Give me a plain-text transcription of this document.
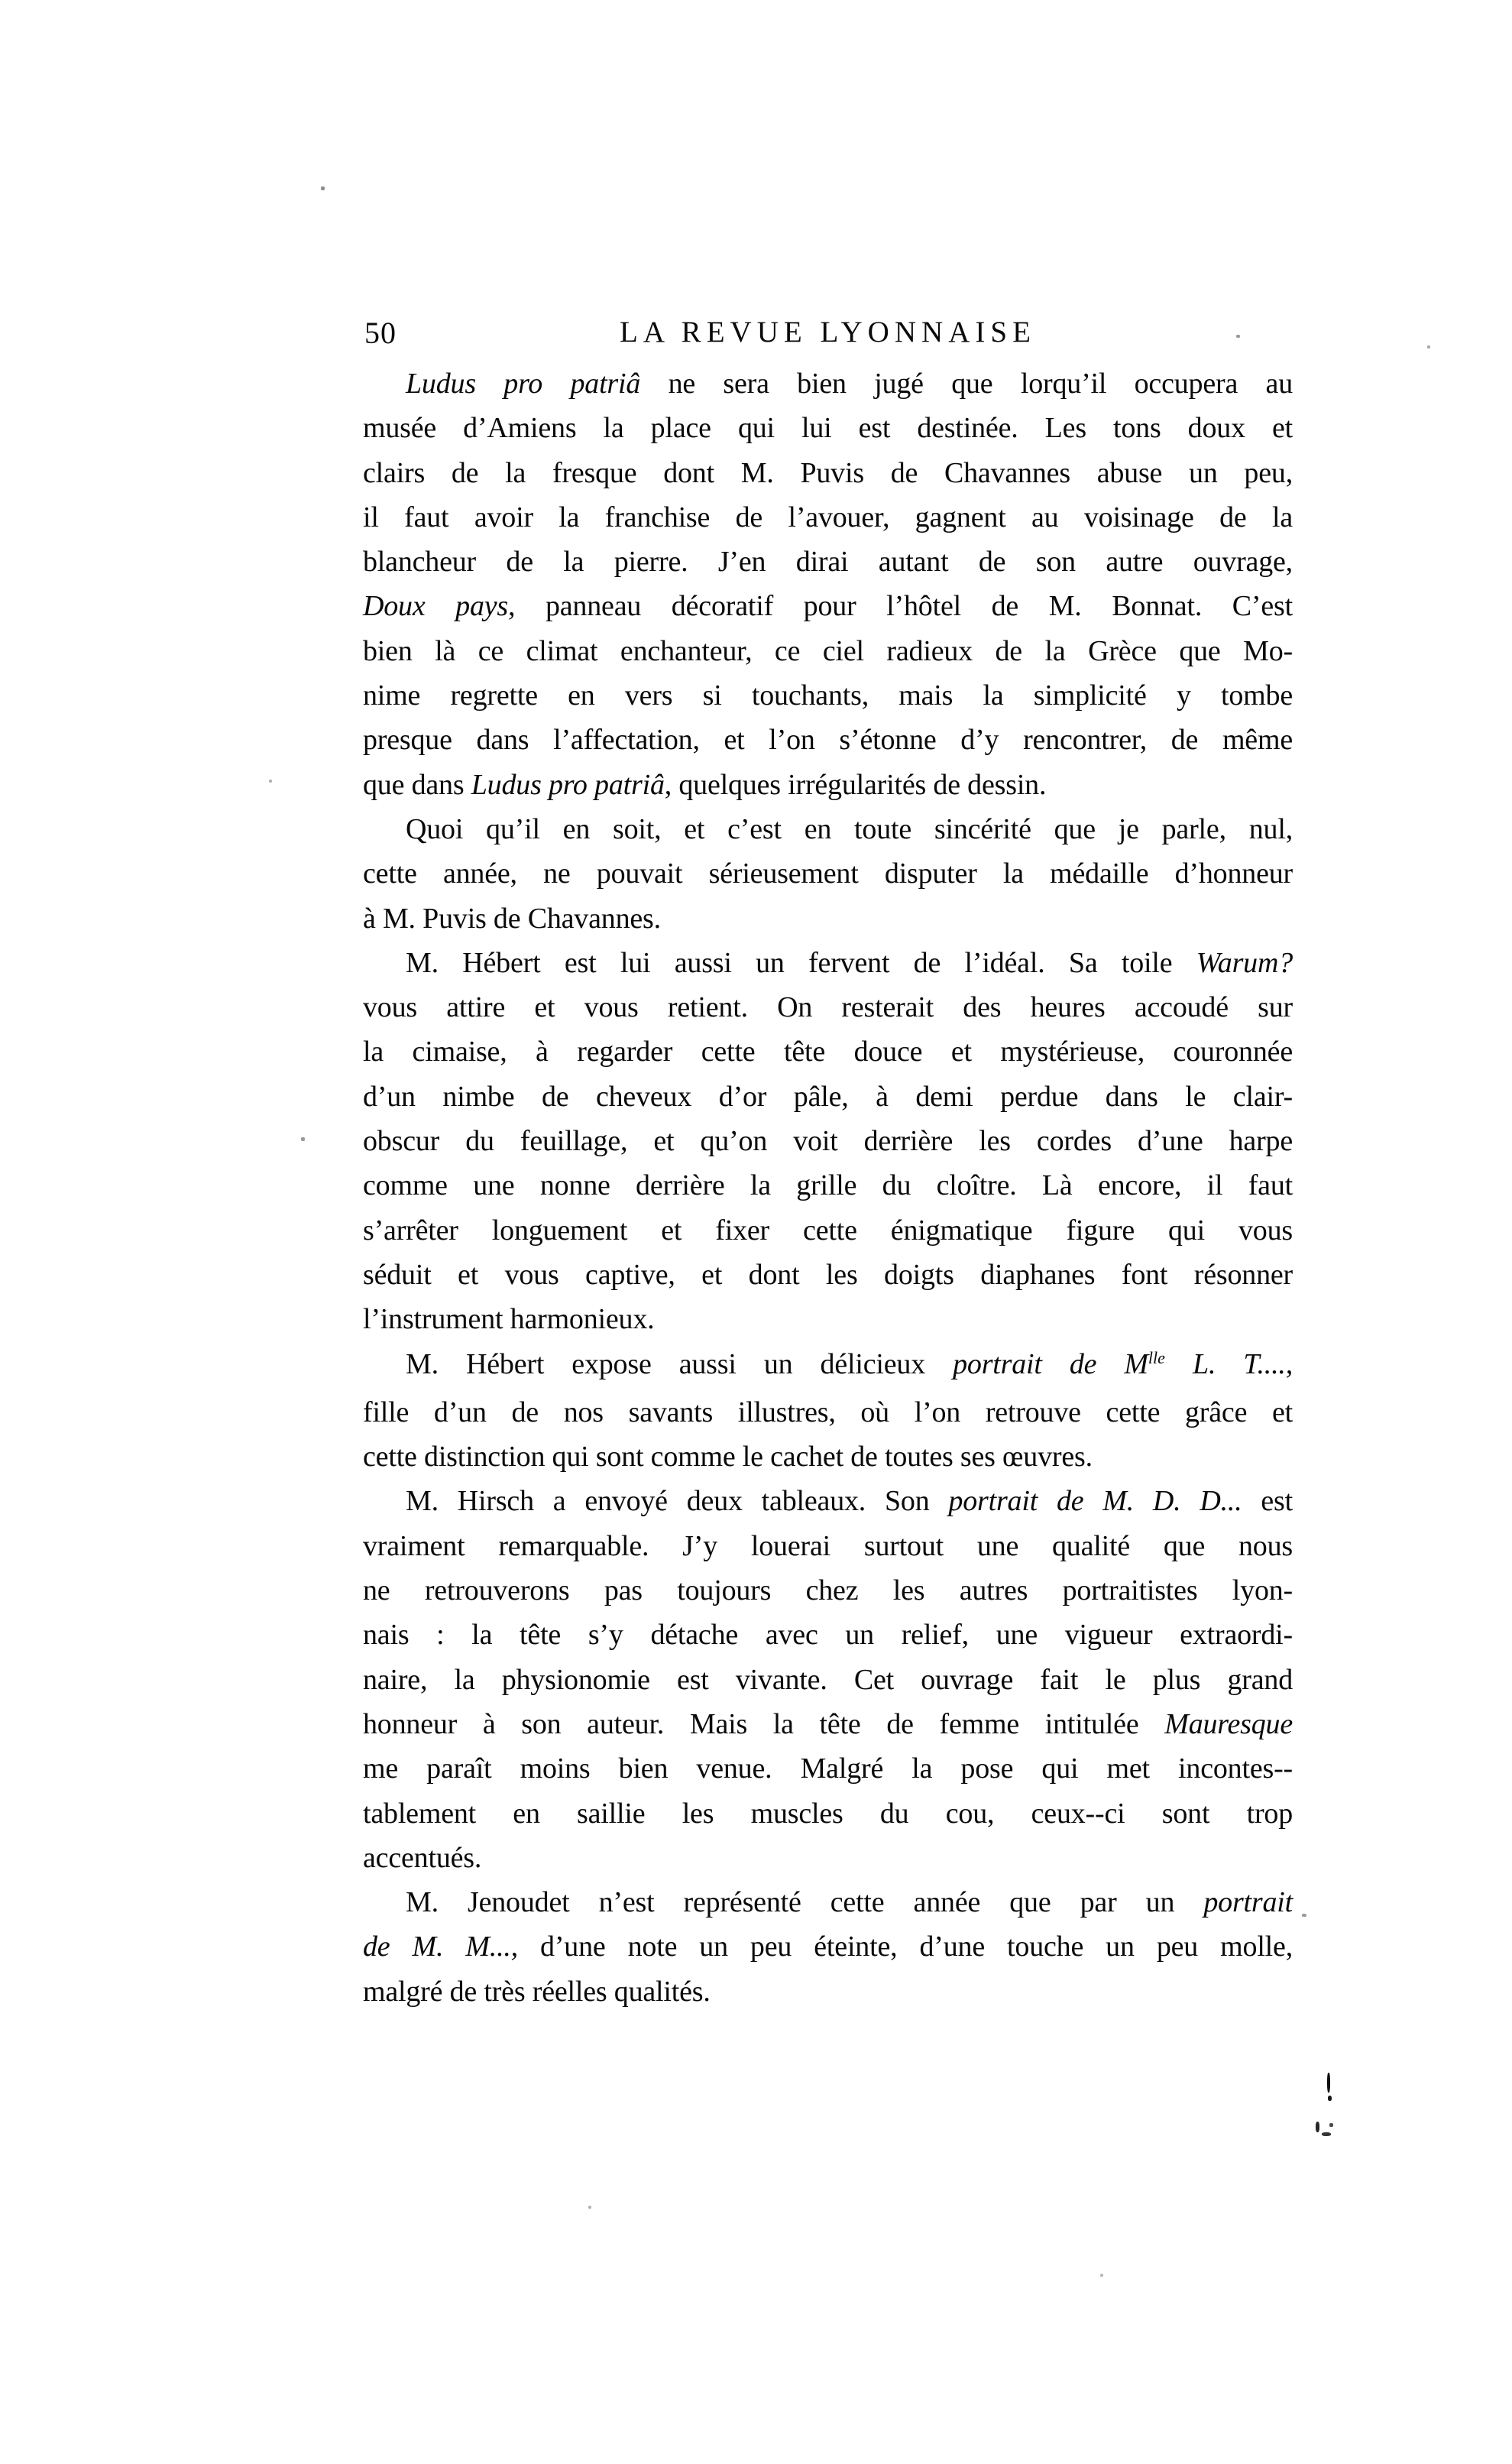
50	LA REVUE LYONNAISE
Ludus pro patriâ ne sera bien jugé que lorqu’il occupera au
musée d’Amiens la place qui lui est destinée. Les tons doux et
clairs de la fresque dont M. Puvis de Chavannes abuse un peu,
il faut avoir la franchise de l’avouer, gagnent au voisinage de la
blancheur de la pierre. J’en dirai autant de son autre ouvrage,
Doux pays, panneau décoratif pour l’hôtel de M. Bonnat. C’est
bien là ce climat enchanteur, ce ciel radieux de la Grèce que Mo-
nime regrette en vers si touchants, mais la simplicité y tombe
presque dans l’affectation, et l’on s’étonne d’y rencontrer, de même
que dans Ludus pro patriâ, quelques irrégularités de dessin.
Quoi qu’il en soit, et c’est en toute sincérité que je parle, nul,
cette année, ne pouvait sérieusement disputer la médaille d’honneur
à M. Puvis de Chavannes.
M. Hébert est lui aussi un fervent de l’idéal. Sa toile Warum?
vous attire et vous retient. On resterait des heures accoudé sur
la cimaise, à regarder cette tête douce et mystérieuse, couronnée
d’un nimbe de cheveux d’or pâle, à demi perdue dans le clair-
obscur du feuillage, et qu’on voit derrière les cordes d’une harpe
comme une nonne derrière la grille du cloître. Là encore, il faut
s’arrêter longuement et fixer cette énigmatique figure qui vous
séduit et vous captive, et dont les doigts diaphanes font résonner
l’instrument harmonieux.
M. Hébert expose aussi un délicieux portrait de $M^{lle}$ L. T....,
fille d’un de nos savants illustres, où l’on retrouve cette grâce et
cette distinction qui sont comme le cachet de toutes ses œuvres.
M. Hirsch a envoyé deux tableaux. Son portrait de M. D. D... est
vraiment remarquable. J’y louerai surtout une qualité que nous
ne retrouverons pas toujours chez les autres portraitistes lyon-
nais : la tête s’y détache avec un relief, une vigueur extraordi-
naire, la physionomie est vivante. Cet ouvrage fait le plus grand
honneur à son auteur. Mais la tête de femme intitulée Mauresque
me paraît moins bien venue. Malgré la pose qui met incontes--
tablement en saillie les muscles du cou, ceux--ci sont trop
accentués.
M. Jenoudet n’est représenté cette année que par un portrait
de M. M..., d’une note un peu éteinte, d’une touche un peu molle,
malgré de très réelles qualités.
